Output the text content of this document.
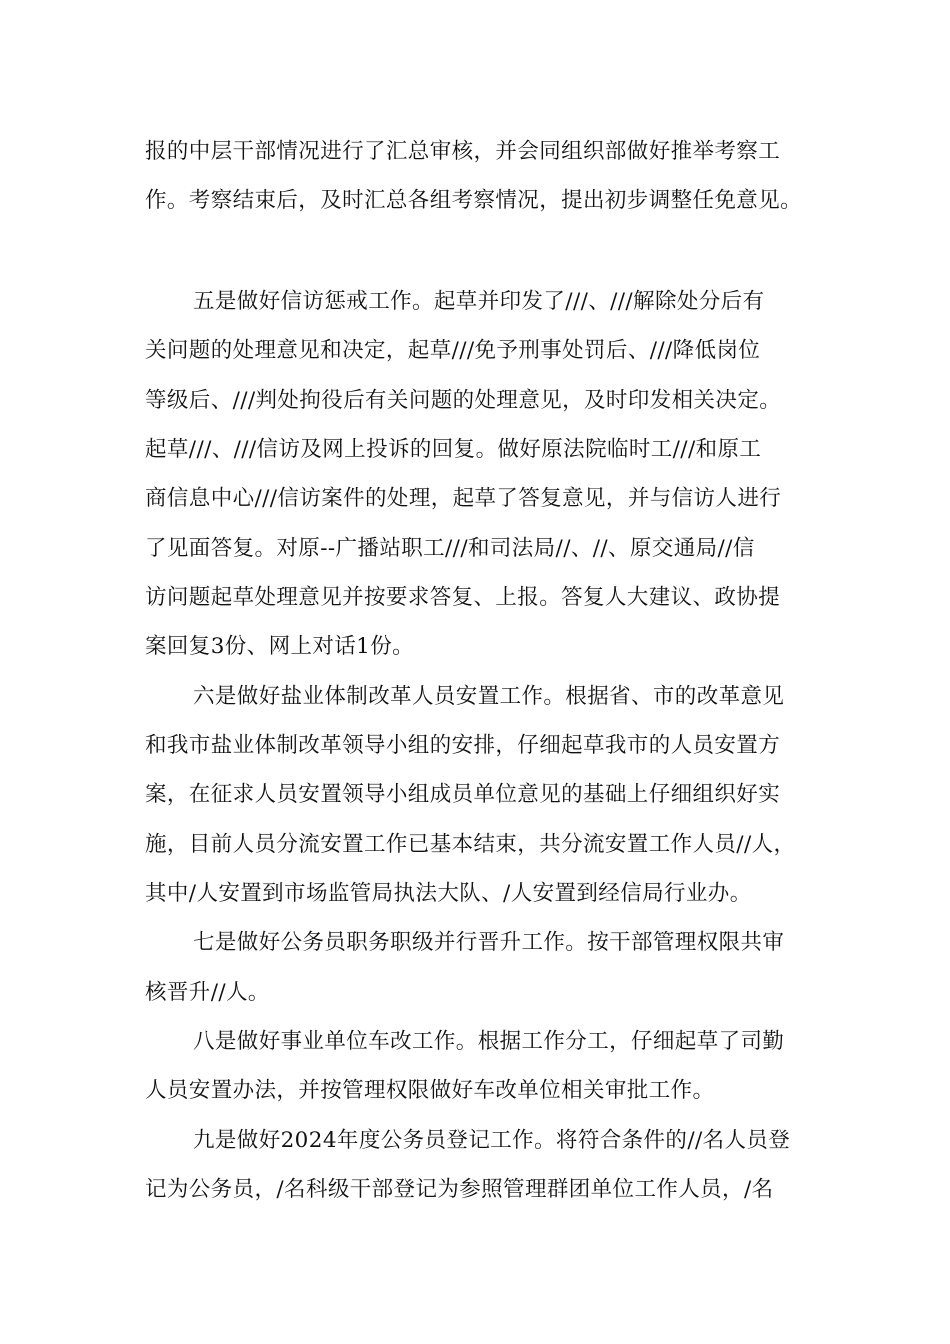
报的中层干部情况进行了汇总审核，并会同组织部做好推举考察工
作。考察结束后，及时汇总各组考察情况，提出初步调整任免意见。
五是做好信访惩戒工作。起草并印发了///、///解除处分后有
关问题的处理意见和决定，起草///免予刑事处罚后、///降低岗位
等级后、///判处拘役后有关问题的处理意见，及时印发相关决定。
起草///、///信访及网上投诉的回复。做好原法院临时工///和原工
商信息中心///信访案件的处理，起草了答复意见，并与信访人进行
了见面答复。对原--广播站职工///和司法局//、//、原交通局//信
访问题起草处理意见并按要求答复、上报。答复人大建议、政协提
案回复3份、网上对话1份。
六是做好盐业体制改革人员安置工作。根据省、市的改革意见
和我市盐业体制改革领导小组的安排，仔细起草我市的人员安置方
案，在征求人员安置领导小组成员单位意见的基础上仔细组织好实
施，目前人员分流安置工作已基本结束，共分流安置工作人员//人，
其中/人安置到市场监管局执法大队、/人安置到经信局行业办。
七是做好公务员职务职级并行晋升工作。按干部管理权限共审
核晋升//人。
八是做好事业单位车改工作。根据工作分工，仔细起草了司勤
人员安置办法，并按管理权限做好车改单位相关审批工作。
九是做好2024年度公务员登记工作。将符合条件的//名人员登
记为公务员，/名科级干部登记为参照管理群团单位工作人员，/名
